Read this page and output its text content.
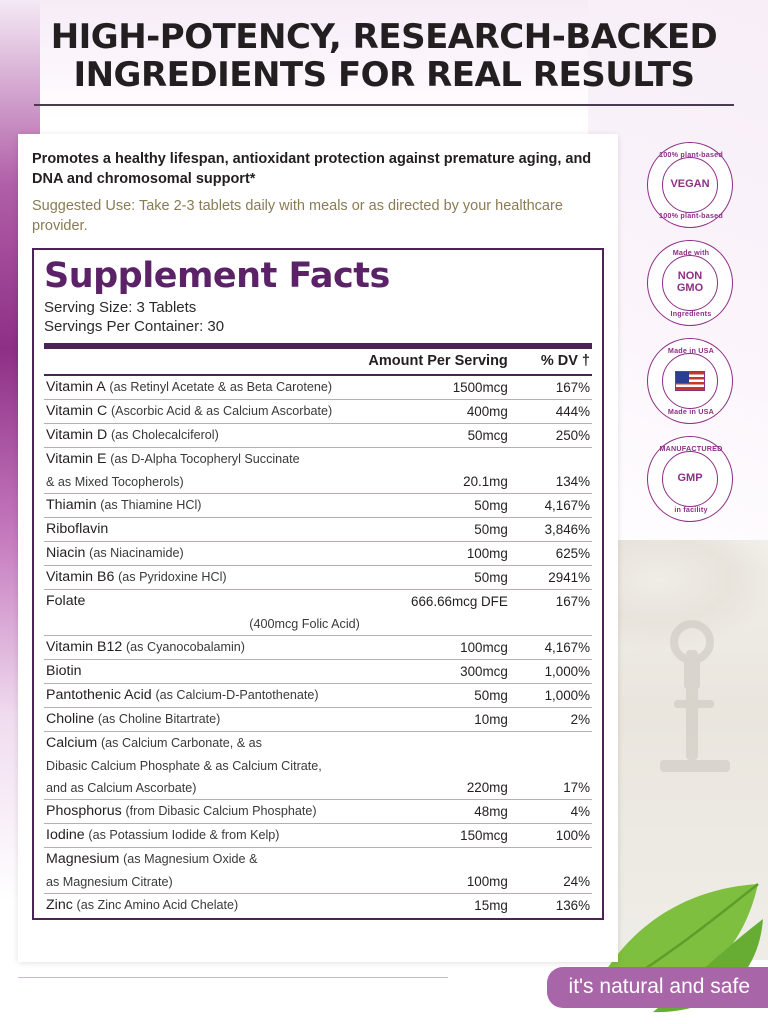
HIGH-POTENCY, RESEARCH-BACKED
INGREDIENTS FOR REAL RESULTS
Promotes a healthy lifespan, antioxidant protection against premature aging, and DNA and chromosomal support*
Suggested Use: Take 2-3 tablets daily with meals or as directed by your healthcare provider.
Supplement Facts
Serving Size: 3 Tablets
Servings Per Container: 30
	Amount Per Serving	% DV †
Vitamin A (as Retinyl Acetate & as Beta Carotene)	1500mcg	167%
Vitamin C (Ascorbic Acid & as Calcium Ascorbate)	400mg	444%
Vitamin D (as Cholecalciferol)	50mcg	250%
Vitamin E (as D-Alpha Tocopheryl Succinate		
& as Mixed Tocopherols)	20.1mg	134%
Thiamin (as Thiamine HCl)	50mg	4,167%
Riboflavin	50mg	3,846%
Niacin (as Niacinamide)	100mg	625%
Vitamin B6 (as Pyridoxine HCl)	50mg	2941%
Folate	666.66mcg DFE	167%
(400mcg Folic Acid)		
Vitamin B12 (as Cyanocobalamin)	100mcg	4,167%
Biotin	300mcg	1,000%
Pantothenic Acid (as Calcium-D-Pantothenate)	50mg	1,000%
Choline (as Choline Bitartrate)	10mg	2%
Calcium (as Calcium Carbonate, & as		
Dibasic Calcium Phosphate & as Calcium Citrate,		
and as Calcium Ascorbate)	220mg	17%
Phosphorus (from Dibasic Calcium Phosphate)	48mg	4%
Iodine (as Potassium Iodide & from Kelp)	150mcg	100%
Magnesium (as Magnesium Oxide &		
as Magnesium Citrate)	100mg	24%
Zinc (as Zinc Amino Acid Chelate)	15mg	136%
100% plant-based
VEGAN
100% plant-based
Made with
NON
GMO
Ingredients
Made in USA
Made in USA
MANUFACTURED
GMP
in facility
it's natural and safe
